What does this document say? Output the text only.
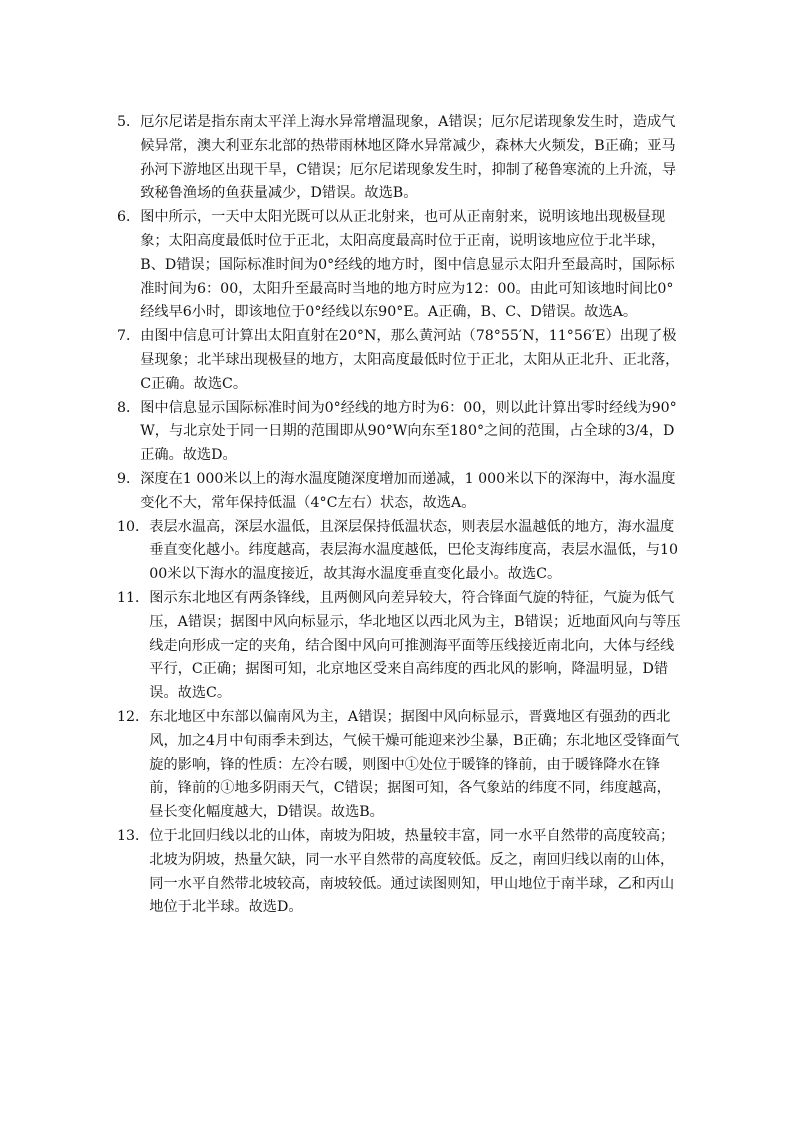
5． 厄尔尼诺是指东南太平洋上海水异常增温现象，A错误；厄尔尼诺现象发生时，造成气候异常，澳大利亚东北部的热带雨林地区降水异常减少，森林大火频发，B正确；亚马孙河下游地区出现干旱，C错误；厄尔尼诺现象发生时，抑制了秘鲁寒流的上升流，导致秘鲁渔场的鱼获量减少，D错误。故选B。
6． 图中所示，一天中太阳光既可以从正北射来，也可从正南射来，说明该地出现极昼现象；太阳高度最低时位于正北，太阳高度最高时位于正南，说明该地应位于北半球，B、D错误；国际标准时间为0°经线的地方时，图中信息显示太阳升至最高时，国际标准时间为6：00，太阳升至最高时当地的地方时应为12：00。由此可知该地时间比0°经线早6小时，即该地位于0°经线以东90°E。A正确，B、C、D错误。故选A。
7． 由图中信息可计算出太阳直射在20°N，那么黄河站（78°55′N，11°56′E）出现了极昼现象；北半球出现极昼的地方，太阳高度最低时位于正北，太阳从正北升、正北落，C正确。故选C。
8． 图中信息显示国际标准时间为0°经线的地方时为6：00，则以此计算出零时经线为90°W，与北京处于同一日期的范围即从90°W向东至180°之间的范围，占全球的3/4，D正确。故选D。
9． 深度在1 000米以上的海水温度随深度增加而递减，1 000米以下的深海中，海水温度变化不大，常年保持低温（4°C左右）状态，故选A。
10． 表层水温高，深层水温低，且深层保持低温状态，则表层水温越低的地方，海水温度垂直变化越小。纬度越高，表层海水温度越低，巴伦支海纬度高，表层水温低，与1000米以下海水的温度接近，故其海水温度垂直变化最小。故选C。
11． 图示东北地区有两条锋线，且两侧风向差异较大，符合锋面气旋的特征，气旋为低气压，A错误；据图中风向标显示，华北地区以西北风为主，B错误；近地面风向与等压线走向形成一定的夹角，结合图中风向可推测海平面等压线接近南北向，大体与经线平行，C正确；据图可知，北京地区受来自高纬度的西北风的影响，降温明显，D错误。故选C。
12． 东北地区中东部以偏南风为主，A错误；据图中风向标显示，晋冀地区有强劲的西北风，加之4月中旬雨季未到达，气候干燥可能迎来沙尘暴，B正确；东北地区受锋面气旋的影响，锋的性质：左冷右暖，则图中①处位于暖锋的锋前，由于暖锋降水在锋前，锋前的①地多阴雨天气，C错误；据图可知，各气象站的纬度不同，纬度越高，昼长变化幅度越大，D错误。故选B。
13． 位于北回归线以北的山体，南坡为阳坡，热量较丰富，同一水平自然带的高度较高；北坡为阴坡，热量欠缺，同一水平自然带的高度较低。反之，南回归线以南的山体，同一水平自然带北坡较高，南坡较低。通过读图则知，甲山地位于南半球，乙和丙山地位于北半球。故选D。
